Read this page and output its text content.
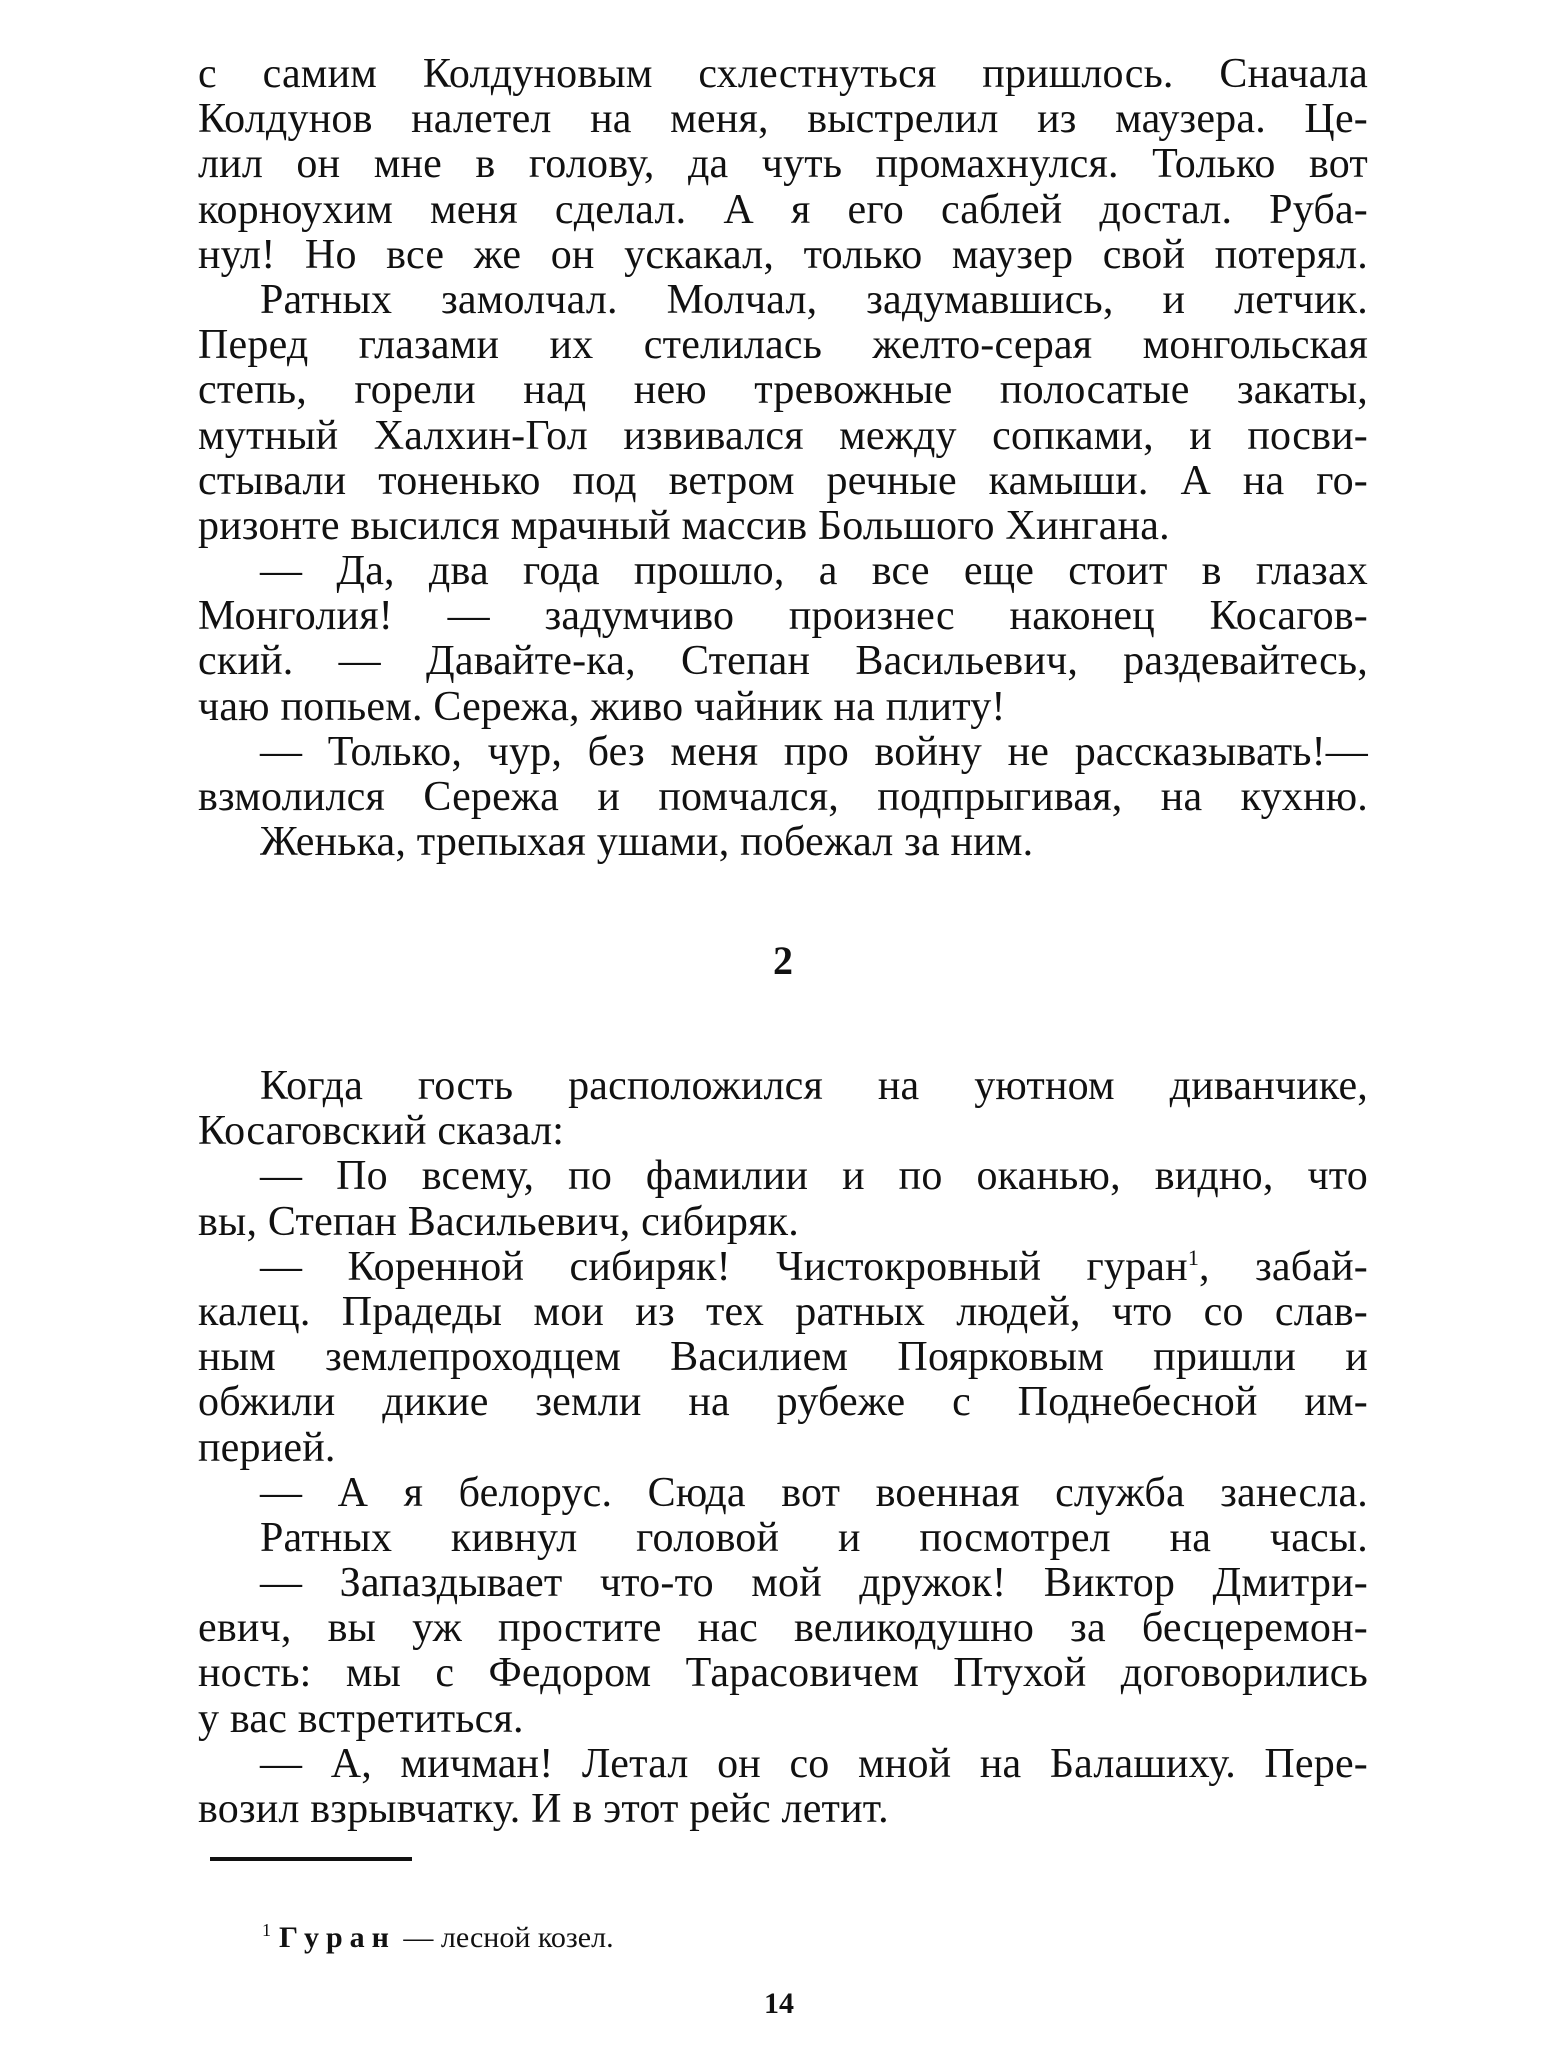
с самим Колдуновым схлестнуться пришлось. Сначала
Колдунов налетел на меня, выстрелил из маузера. Це-
лил он мне в голову, да чуть промахнулся. Только вот
корноухим меня сделал. А я его саблей достал. Руба-
нул! Но все же он ускакал, только маузер свой потерял.
Ратных замолчал. Молчал, задумавшись, и летчик.
Перед глазами их стелилась желто-серая монгольская
степь, горели над нею тревожные полосатые закаты,
мутный Халхин-Гол извивался между сопками, и посви-
стывали тоненько под ветром речные камыши. А на го-
ризонте высился мрачный массив Большого Хингана.
— Да, два года прошло, а все еще стоит в глазах
Монголия! — задумчиво произнес наконец Косагов-
ский. — Давайте-ка, Степан Васильевич, раздевайтесь,
чаю попьем. Сережа, живо чайник на плиту!
— Только, чур, без меня про войну не рассказывать!—
взмолился Сережа и помчался, подпрыгивая, на кухню.
Женька, трепыхая ушами, побежал за ним.
2
Когда гость расположился на уютном диванчике,
Косаговский сказал:
— По всему, по фамилии и по оканью, видно, что
вы, Степан Васильевич, сибиряк.
— Коренной сибиряк! Чистокровный гуран$^1$, забай-
калец. Прадеды мои из тех ратных людей, что со слав-
ным землепроходцем Василием Поярковым пришли и
обжили дикие земли на рубеже с Поднебесной им-
перией.
— А я белорус. Сюда вот военная служба занесла.
Ратных кивнул головой и посмотрел на часы.
— Запаздывает что-то мой дружок! Виктор Дмитри-
евич, вы уж простите нас великодушно за бесцеремон-
ность: мы с Федором Тарасовичем Птухой договорились
у вас встретиться.
— А, мичман! Летал он со мной на Балашиху. Пере-
возил взрывчатку. И в этот рейс летит.
$^1$ Гуран — лесной козел.
14
